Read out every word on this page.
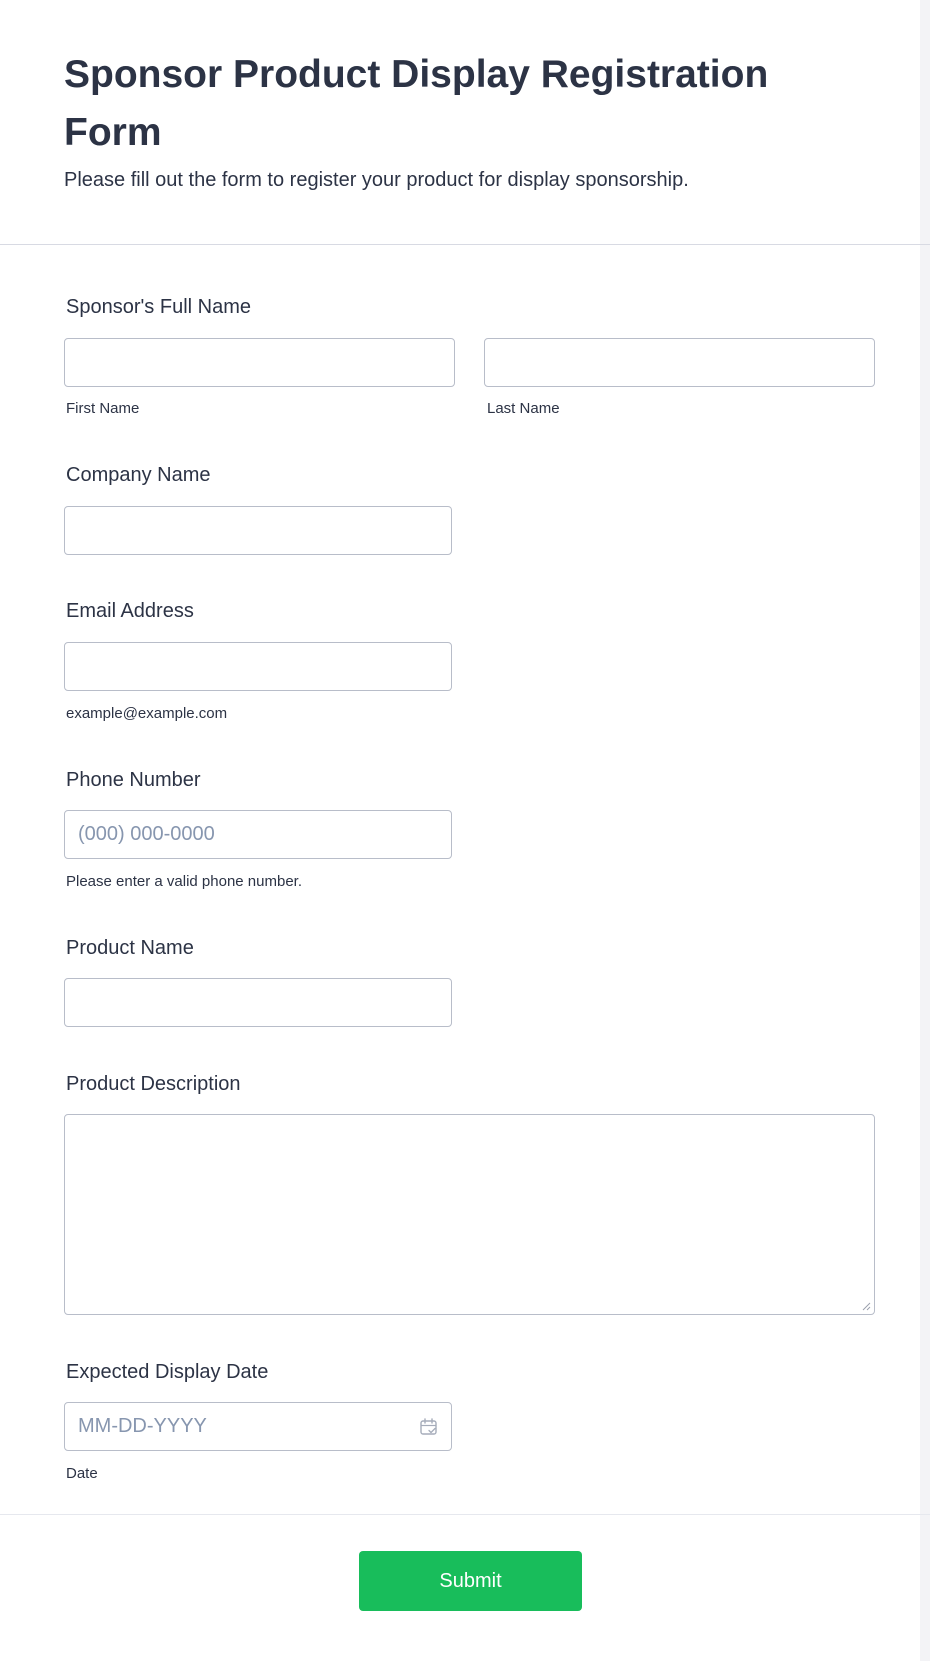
Sponsor Product Display Registration Form

Please fill out the form to register your product for display sponsorship.

Sponsor's Full Name
First Name	Last Name
Company Name
Email Address
example@example.com
Phone Number
(000) 000-0000
Please enter a valid phone number.
Product Name
Product Description
Expected Display Date
MM-DD-YYYY
Date
Submit
